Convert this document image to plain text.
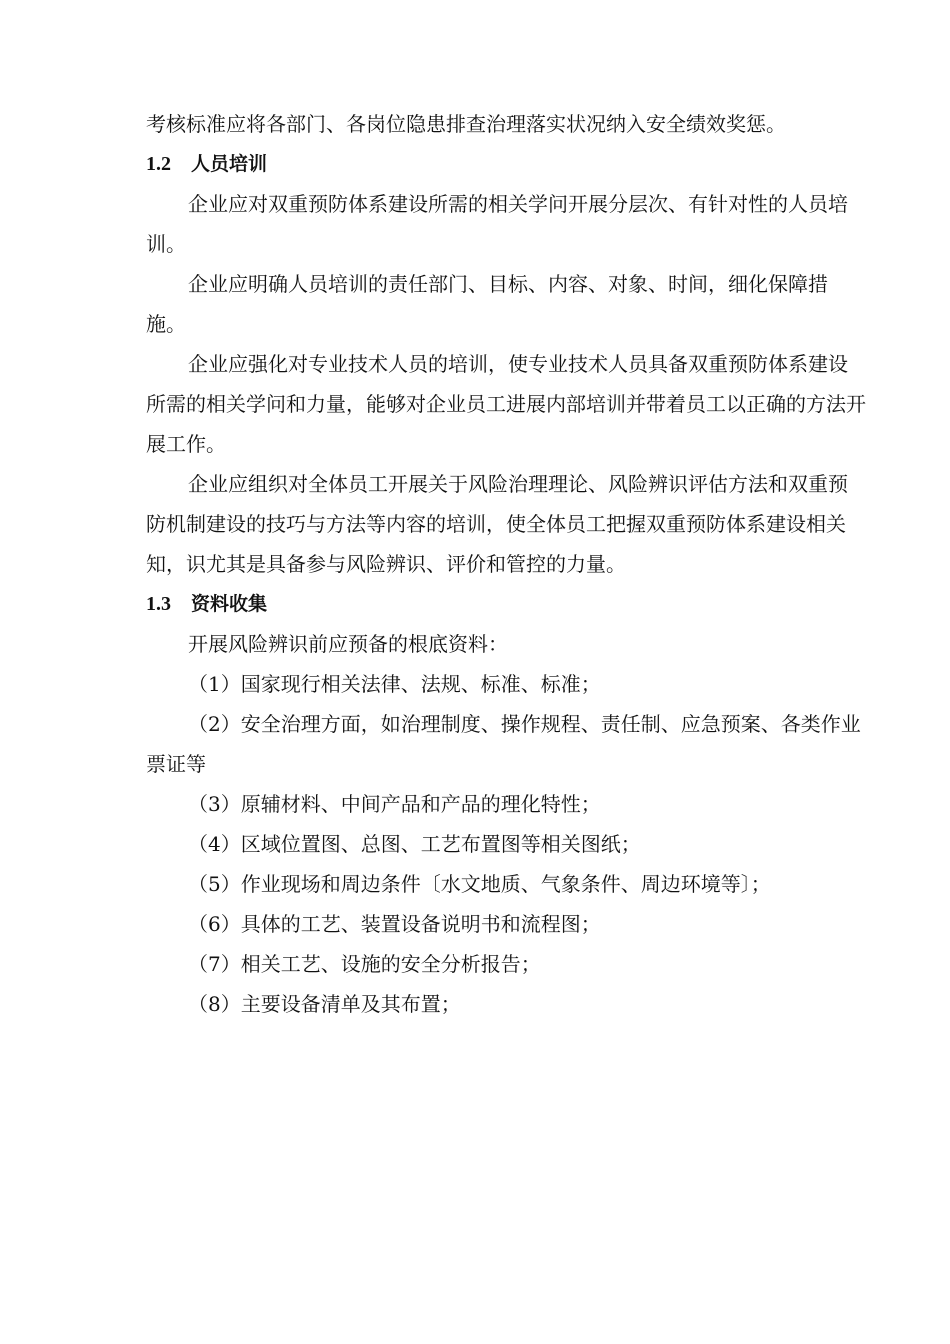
考核标准应将各部门、各岗位隐患排查治理落实状况纳入安全绩效奖惩。

1.2 人员培训

企业应对双重预防体系建设所需的相关学问开展分层次、有针对性的人员培训。

企业应明确人员培训的责任部门、目标、内容、对象、时间，细化保障措施。

企业应强化对专业技术人员的培训，使专业技术人员具备双重预防体系建设所需的相关学问和力量，能够对企业员工进展内部培训并带着员工以正确的方法开展工作。

企业应组织对全体员工开展关于风险治理理论、风险辨识评估方法和双重预防机制建设的技巧与方法等内容的培训，使全体员工把握双重预防体系建设相关知，识尤其是具备参与风险辨识、评价和管控的力量。

1.3 资料收集

开展风险辨识前应预备的根底资料：

（1）国家现行相关法律、法规、标准、标准；

（2）安全治理方面，如治理制度、操作规程、责任制、应急预案、各类作业票证等

（3）原辅材料、中间产品和产品的理化特性；

（4）区域位置图、总图、工艺布置图等相关图纸；

（5）作业现场和周边条件〔水文地质、气象条件、周边环境等〕；

（6）具体的工艺、装置设备说明书和流程图；

（7）相关工艺、设施的安全分析报告；

（8）主要设备清单及其布置；
